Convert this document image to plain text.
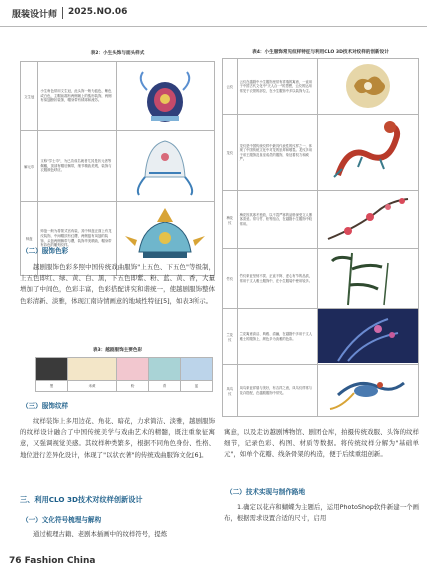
服装设计师 2025.NO.06
表2：小生头饰与面头样式
文生冠	小生角色常用文生冠，此头饰一般为蓝色、紫色或白色，主帽前端有两侧朝上的弧形装饰，两侧有似翅膀状装饰，帽身带有绒球和流苏。	
解元巾	又称"学士巾"，为已功成名就者尤其是状元者等佩戴，顶部有帽后飘带，细节精致美观，装饰与衣服颜色呼应。	
帅盔	帅盔一般为将领式官戏装，其中帅盔正面上有龙纹装饰，中间帽顶有红缨，两侧翅有凤翅的装饰，头盔两侧飘带与缨，装饰华美精致，帽身带有彩色的雕刻纹样。	
（二）服饰色彩

越剧服饰色彩多照中国传统戏曲服饰"上五色、下五色"等级制，上五色即红、绿、黄、白、黑，下五色即紫、粉、蓝、黄、香，大量增加了中间色，色彩丰富，色彩搭配讲究和谐统一，使越剧服饰整体色彩清新、淡雅，体现江南诗情画意的地域性特征[5]，如表3所示。

表3：越剧服饰主要色彩

黑	米黄	粉	青	蓝
（三）服饰纹样

纹样装饰上多用边花、角花、暗花，力求简洁、淡雅，越剧服饰的纹样设计融合了中国传统美学与戏曲艺术的精髓，既注重象征寓意，又强调视觉美感。其纹样种类繁多，根据不同角色身份、性格、地位进行差异化设计，体现了"以状衣著"的传统戏曲服饰文化[6]。

三、利用CLO 3D技术对纹样创新设计
（一）文化符号梳理与解构

通过梳理古籍、老剧本插画中的纹样符号，提炼

表4：小生服饰常见纹样特征与利用CLO 3D技术对纹样的创新设计
云纹	云纹在越剧中小生服饰里常有祥瑞的寓意，一直用于中国古代文化中"天人合一"的思想，云纹的运用常见于衣领的部位，在小生服饰中多以装饰为主。	
龙纹	龙纹是中国传统纹样中最具代表性的纹样之一，体现了中国传统文化中对龙的崇拜和敬畏。龙纹多用于帝王服饰及皇室成员的服饰，象征着权力和威严。	
梅花纹	梅花因其寒冬独放，以不畏严寒的品格深受文人墨客喜爱。常与竹、松等组合，在越剧小生服饰中较常用。	
竹纹	竹纹象征坚韧不拔、正直不阿、虚心有节的品质，常用于文人雅士服饰中，在小生服装中使用较多。	
兰花纹	兰花寓意高洁、典雅、清幽，在越剧中多用于文人雅士的服饰上，颜色多为淡雅的色彩。	
凤鸟纹	凤鸟象征祥瑞与美好，有吉祥之意，凤鸟纹样常与花卉搭配，在越剧服饰中常见。	

寓意，以及走访越剧博物馆、剧团仓库，拍摄传统戏服、头饰的纹样细节，记录色彩、构图、材质等数据。将传统纹样分解为"基础单元"，如单个花瓣、线条骨架的构造，便于后续重组创新。

（二）技术实现与制作路地

1.确定以花卉和蝴蝶为主题后，运用PhotoShop软件新建一个画布，根据需求设置合适的尺寸，启用

76 Fashion China
